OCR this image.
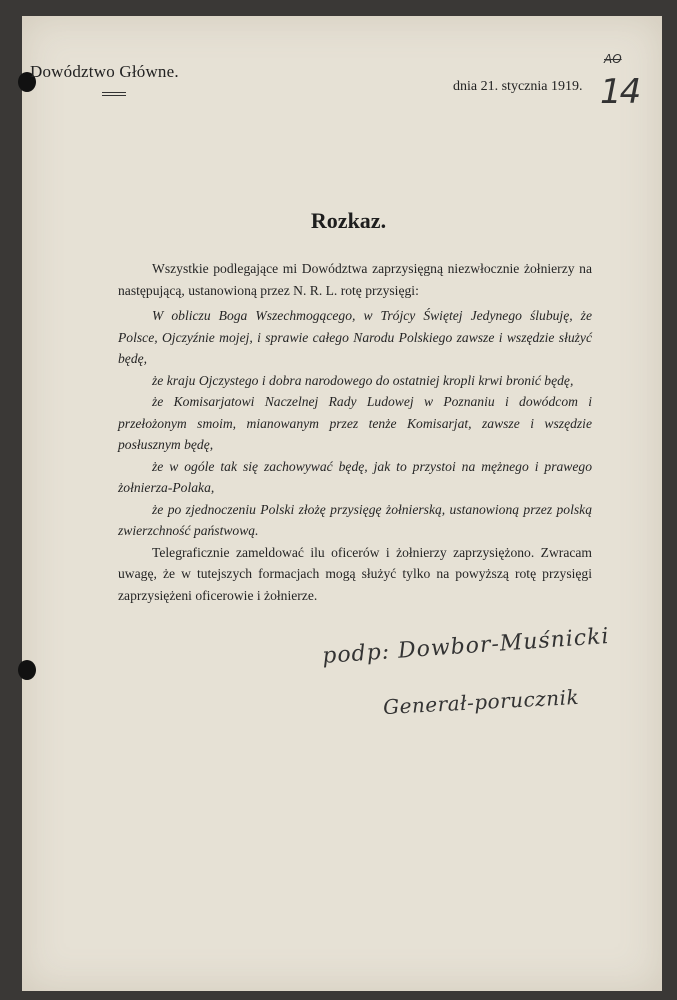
Dowództwo Główne.
dnia 21. stycznia 1919.
AO
14
Rozkaz.

Wszystkie podlegające mi Dowództwa zaprzysięgną niezwłocznie żołnierzy na następującą, ustanowioną przez N. R. L. rotę przysięgi:

W obliczu Boga Wszechmogącego, w Trójcy Świętej Jedynego ślubuję, że Polsce, Ojczyźnie mojej, i sprawie całego Narodu Polskiego zawsze i wszędzie służyć będę,

że kraju Ojczystego i dobra narodowego do ostatniej kropli krwi bronić będę,

że Komisarjatowi Naczelnej Rady Ludowej w Poznaniu i dowódcom i przełożonym smoim, mianowanym przez tenże Komisarjat, zawsze i wszędzie posłusznym będę,

że w ogóle tak się zachowywać będę, jak to przystoi na mężnego i prawego żołnierza-Polaka,

że po zjednoczeniu Polski złożę przysięgę żołnierską, ustanowioną przez polską zwierzchność państwową.

Telegraficznie zameldować ilu oficerów i żołnierzy zaprzysiężono. Zwracam uwagę, że w tutejszych formacjach mogą służyć tylko na powyższą rotę przysięgi zaprzysiężeni oficerowie i żołnierze.

podp: Dowbor-Muśnicki
Generał-porucznik
